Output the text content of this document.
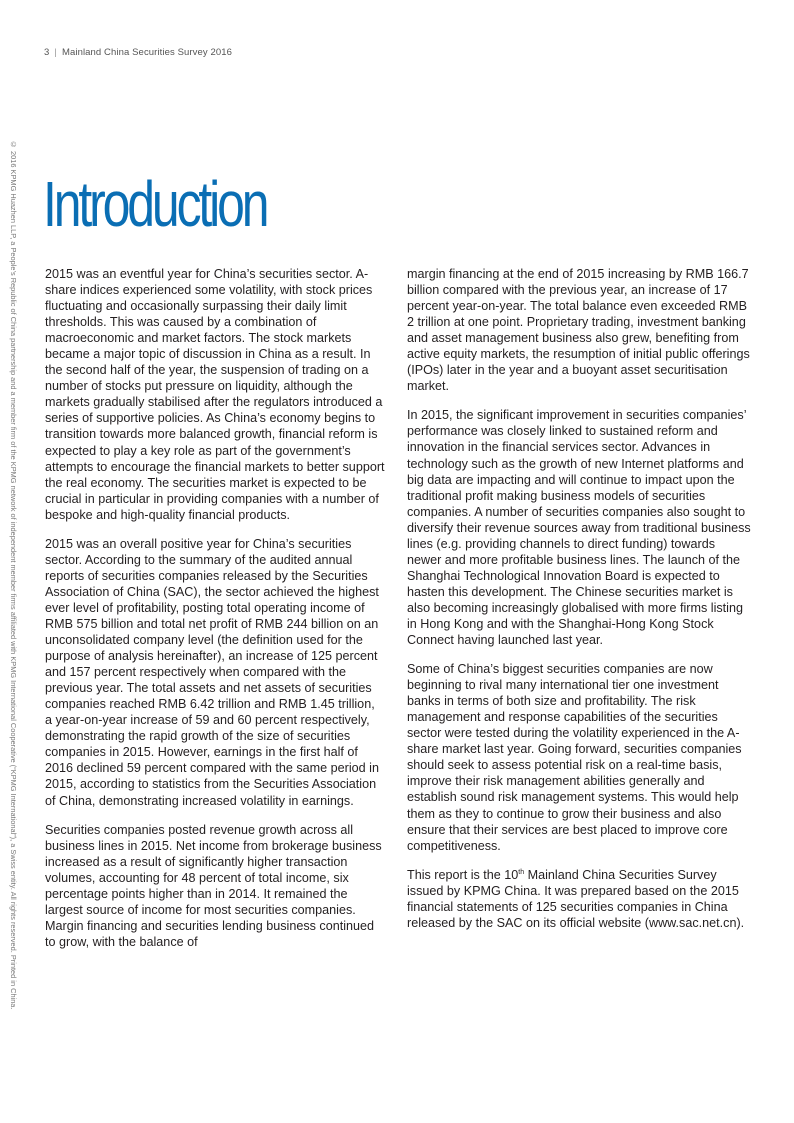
3 | Mainland China Securities Survey 2016
© 2016 KPMG Huazhen LLP, a People’s Republic of China partnership and a member firm of the KPMG network of independent member firms affiliated with KPMG International Cooperative (“KPMG International”), a Swiss entity. All rights reserved. Printed in China. Introduction

2015 was an eventful year for China’s securities sector. A-share indices experienced some volatility, with stock prices fluctuating and occasionally surpassing their daily limit thresholds. This was caused by a combination of macroeconomic and market factors. The stock markets became a major topic of discussion in China as a result. In the second half of the year, the suspension of trading on a number of stocks put pressure on liquidity, although the markets gradually stabilised after the regulators introduced a series of supportive policies. As China’s economy begins to transition towards more balanced growth, financial reform is expected to play a key role as part of the government’s attempts to encourage the financial markets to better support the real economy. The securities market is expected to be crucial in particular in providing companies with a number of bespoke and high-quality financial products.

2015 was an overall positive year for China’s securities sector. According to the summary of the audited annual reports of securities companies released by the Securities Association of China (SAC), the sector achieved the highest ever level of profitability, posting total operating income of RMB 575 billion and total net profit of RMB 244 billion on an unconsolidated company level (the definition used for the purpose of analysis hereinafter), an increase of 125 percent and 157 percent respectively when compared with the previous year. The total assets and net assets of securities companies reached RMB 6.42 trillion and RMB 1.45 trillion, a year-on-year increase of 59 and 60 percent respectively, demonstrating the rapid growth of the size of securities companies in 2015. However, earnings in the first half of 2016 declined 59 percent compared with the same period in 2015, according to statistics from the Securities Association of China, demonstrating increased volatility in earnings.

Securities companies posted revenue growth across all business lines in 2015. Net income from brokerage business increased as a result of significantly higher transaction volumes, accounting for 48 percent of total income, six percentage points higher than in 2014. It remained the largest source of income for most securities companies. Margin financing and securities lending business continued to grow, with the balance of

margin financing at the end of 2015 increasing by RMB 166.7 billion compared with the previous year, an increase of 17 percent year-on-year. The total balance even exceeded RMB 2 trillion at one point. Proprietary trading, investment banking and asset management business also grew, benefiting from active equity markets, the resumption of initial public offerings (IPOs) later in the year and a buoyant asset securitisation market.

In 2015, the significant improvement in securities companies’ performance was closely linked to sustained reform and innovation in the financial services sector. Advances in technology such as the growth of new Internet platforms and big data are impacting and will continue to impact upon the traditional profit making business models of securities companies. A number of securities companies also sought to diversify their revenue sources away from traditional business lines (e.g. providing channels to direct funding) towards newer and more profitable business lines. The launch of the Shanghai Technological Innovation Board is expected to hasten this development. The Chinese securities market is also becoming increasingly globalised with more firms listing in Hong Kong and with the Shanghai-Hong Kong Stock Connect having launched last year.

Some of China’s biggest securities companies are now beginning to rival many international tier one investment banks in terms of both size and profitability. The risk management and response capabilities of the securities sector were tested during the volatility experienced in the A-share market last year. Going forward, securities companies should seek to assess potential risk on a real-time basis, improve their risk management abilities generally and establish sound risk management systems. This would help them as they to continue to grow their business and also ensure that their services are best placed to improve core competitiveness.

This report is the 10th Mainland China Securities Survey issued by KPMG China. It was prepared based on the 2015 financial statements of 125 securities companies in China released by the SAC on its official website (www.sac.net.cn).
